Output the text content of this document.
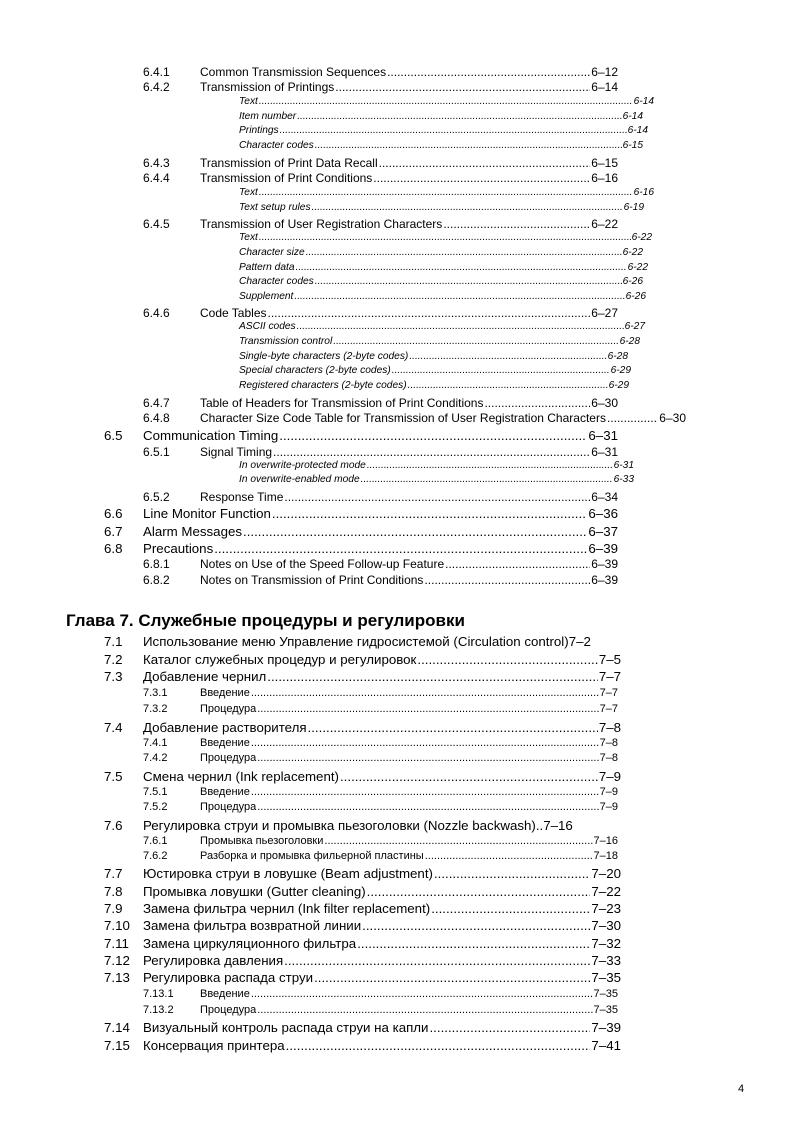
6.4.1	Common Transmission Sequences .....	6–12
6.4.2	Transmission of Printings .....	6–14
Text .....	6-14
Item number .....	6-14
Printings .....	6-14
Character codes .....	6-15
6.4.3	Transmission of Print Data Recall .....	6–15
6.4.4	Transmission of Print Conditions .....	6–16
Text .....	6-16
Text setup rules .....	6-19
6.4.5	Transmission of User Registration Characters .....	6–22
Text .....	6-22
Character size .....	6-22
Pattern data .....	6-22
Character codes .....	6-26
Supplement .....	6-26
6.4.6	Code Tables .....	6–27
ASCII codes .....	6-27
Transmission control .....	6-28
Single-byte characters (2-byte codes) .....	6-28
Special characters (2-byte codes) .....	6-29
Registered characters (2-byte codes) .....	6-29
6.4.7	Table of Headers for Transmission of Print Conditions .....	6–30
6.4.8	Character Size Code Table for Transmission of User Registration Characters .....	6–30
6.5 Communication Timing .....	6–31
6.5.1	Signal Timing .....	6–31
In overwrite-protected mode .....	6-31
In overwrite-enabled mode .....	6-33
6.5.2	Response Time .....	6–34
6.6 Line Monitor Function .....	6–36
6.7 Alarm Messages .....	6–37
6.8 Precautions .....	6–39
6.8.1	Notes on Use of the Speed Follow-up Feature .....	6–39
6.8.2	Notes on Transmission of Print Conditions .....	6–39
7.1 Использование меню Управление гидросистемой (Circulation control) 7–2
7.2 Каталог служебных процедур и регулировок .....	7–5
7.3 Добавление чернил .....	7–7
7.3.1	Введение .....	7–7
7.3.2	Процедура .....	7–7
7.4 Добавление растворителя .....	7–8
7.4.1	Введение .....	7–8
7.4.2	Процедура .....	7–8
7.5 Смена чернил (Ink replacement) .....	7–9
7.5.1	Введение .....	7–9
7.5.2	Процедура .....	7–9
7.6 Регулировка струи и промывка пьезоголовки (Nozzle backwash).. 7–16
7.6.1	Промывка пьезоголовки .....	7–16
7.6.2	Разборка и промывка фильерной пластины .....	7–18
7.7 Юстировка струи в ловушке (Beam adjustment) .....	7–20
7.8 Промывка ловушки (Gutter cleaning) .....	7–22
7.9 Замена фильтра чернил (Ink filter replacement) .....	7–23
7.10 Замена фильтра возвратной линии .....	7–30
7.11 Замена циркуляционного фильтра .....	7–32
7.12 Регулировка давления .....	7–33
7.13 Регулировка распада струи .....	7–35
7.13.1 Введение .....	7–35
7.13.2 Процедура .....	7–35
7.14 Визуальный контроль распада струи на капли .....	7–39
7.15 Консервация принтера .....	7–41
Глава 7. Служебные процедуры и регулировки
4
